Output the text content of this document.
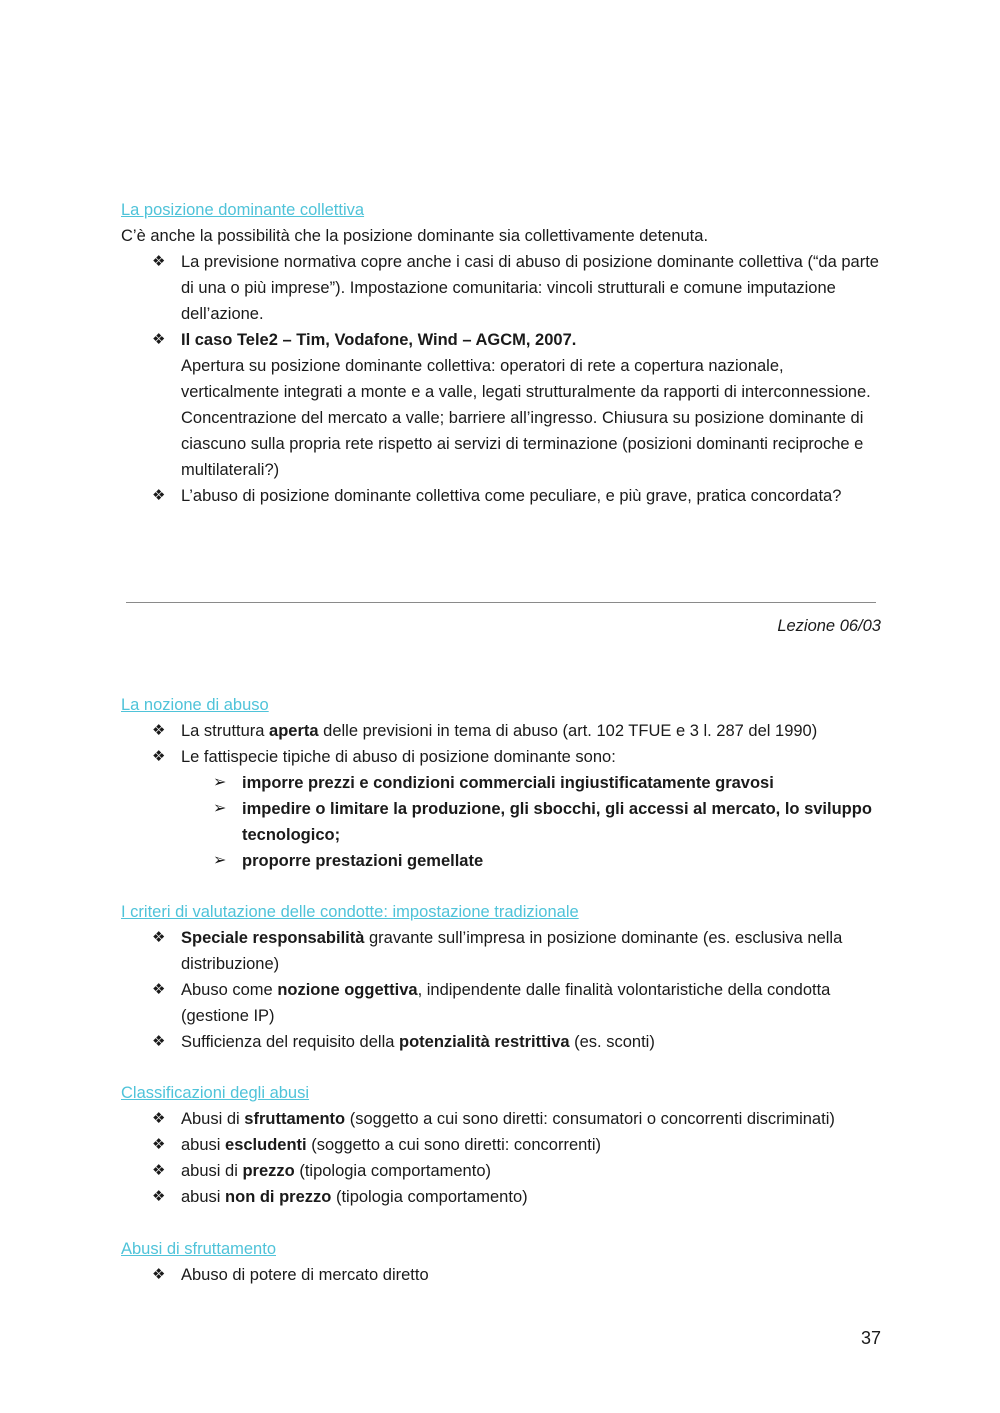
La posizione dominante collettiva

C’è anche la possibilità che la posizione dominante sia collettivamente detenuta.

❖ La previsione normativa copre anche i casi di abuso di posizione dominante collettiva (“da parte di una o più imprese”). Impostazione comunitaria: vincoli strutturali e comune imputazione dell’azione.
❖ Il caso Tele2 – Tim, Vodafone, Wind – AGCM, 2007.
Apertura su posizione dominante collettiva: operatori di rete a copertura nazionale, verticalmente integrati a monte e a valle, legati strutturalmente da rapporti di interconnessione. Concentrazione del mercato a valle; barriere all’ingresso. Chiusura su posizione dominante di ciascuno sulla propria rete rispetto ai servizi di terminazione (posizioni dominanti reciproche e multilaterali?)
❖ L’abuso di posizione dominante collettiva come peculiare, e più grave, pratica concordata?
Lezione 06/03

La nozione di abuso

❖ La struttura aperta delle previsioni in tema di abuso (art. 102 TFUE e 3 l. 287 del 1990)
❖ Le fattispecie tipiche di abuso di posizione dominante sono:
➢ imporre prezzi e condizioni commerciali ingiustificatamente gravosi
➢ impedire o limitare la produzione, gli sbocchi, gli accessi al mercato, lo sviluppo tecnologico;
➢ proporre prestazioni gemellate

I criteri di valutazione delle condotte: impostazione tradizionale

❖ Speciale responsabilità gravante sull’impresa in posizione dominante (es. esclusiva nella distribuzione)
❖ Abuso come nozione oggettiva, indipendente dalle finalità volontaristiche della condotta (gestione IP)
❖ Sufficienza del requisito della potenzialità restrittiva (es. sconti)

Classificazioni degli abusi

❖ Abusi di sfruttamento (soggetto a cui sono diretti: consumatori o concorrenti discriminati)
❖ abusi escludenti (soggetto a cui sono diretti: concorrenti)
❖ abusi di prezzo (tipologia comportamento)
❖ abusi non di prezzo (tipologia comportamento)

Abusi di sfruttamento

❖ Abuso di potere di mercato diretto
37
